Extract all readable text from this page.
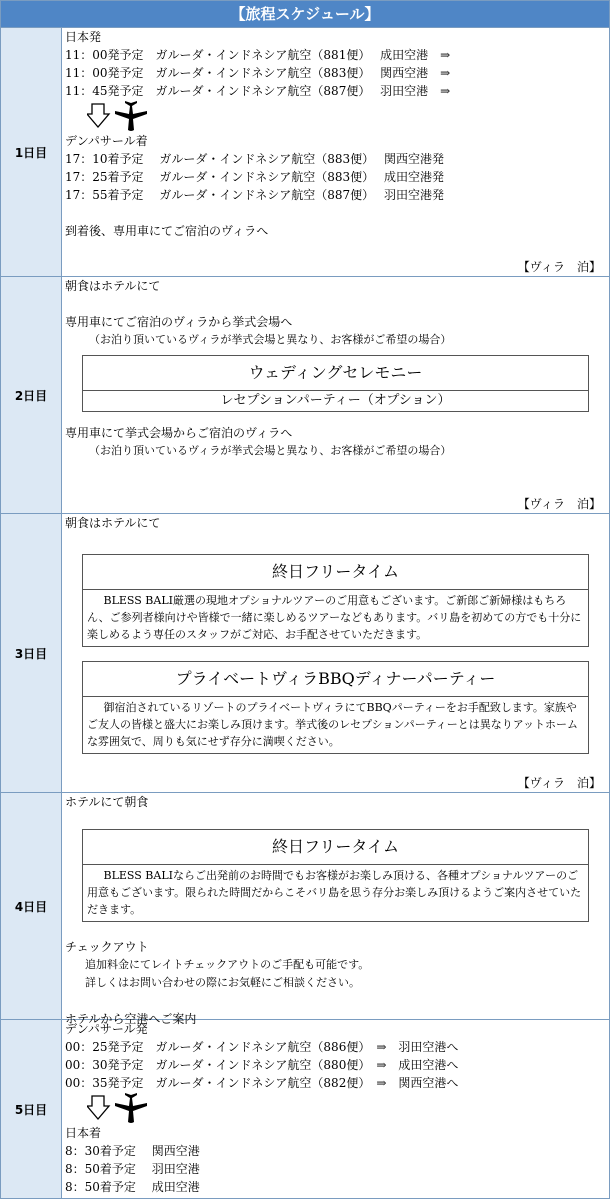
【旅程スケジュール】
1日目
日本発
11：00発予定　ガルーダ・インドネシア航空（881便）　 成田空港　⇒
11：00発予定　ガルーダ・インドネシア航空（883便）　 関西空港　⇒
11：45発予定　ガルーダ・インドネシア航空（887便）　 羽田空港　⇒
デンパサール着
17：10着予定　 ガルーダ・インドネシア航空（883便）　 関西空港発
17：25着予定　 ガルーダ・インドネシア航空（883便）　 成田空港発
17：55着予定　 ガルーダ・インドネシア航空（887便）　 羽田空港発
到着後、専用車にてご宿泊のヴィラへ
【ヴィラ　泊】
2日目
朝食はホテルにて
専用車にてご宿泊のヴィラから挙式会場へ
（お泊り頂いているヴィラが挙式会場と異なり、お客様がご希望の場合）
ウェディングセレモニー
レセプションパーティー（オプション）
専用車にて挙式会場からご宿泊のヴィラへ
（お泊り頂いているヴィラが挙式会場と異なり、お客様がご希望の場合）
【ヴィラ　泊】
3日目
朝食はホテルにて
終日フリータイム
BLESS BALI厳選の現地オプショナルツアーのご用意もございます。ご新郎ご新婦様はもちろん、ご参列者様向けや皆様で一緒に楽しめるツアーなどもあります。バリ島を初めての方でも十分に楽しめるよう専任のスタッフがご対応、お手配させていただきます。
プライベートヴィラBBQディナーパーティー
御宿泊されているリゾートのプライベートヴィラにてBBQパーティーをお手配致します。家族やご友人の皆様と盛大にお楽しみ頂けます。挙式後のレセプションパーティーとは異なりアットホームな雰囲気で、周りも気にせず存分に満喫ください。
【ヴィラ　泊】
4日目
ホテルにて朝食
終日フリータイム
BLESS BALIならご出発前のお時間でもお客様がお楽しみ頂ける、各種オプショナルツアーのご用意もございます。限られた時間だからこそバリ島を思う存分お楽しみ頂けるようご案内させていただきます。
チェックアウト
追加料金にてレイトチェックアウトのご手配も可能です。
詳しくはお問い合わせの際にお気軽にご相談ください。
ホテルから空港へご案内
5日目
デンパサール発
00：25発予定　ガルーダ・インドネシア航空（886便）　⇒　羽田空港へ
00：30発予定　ガルーダ・インドネシア航空（880便）　⇒　成田空港へ
00：35発予定　ガルーダ・インドネシア航空（882便）　⇒　関西空港へ
日本着
8：30着予定　 関西空港
8：50着予定　 羽田空港
8：50着予定　 成田空港
